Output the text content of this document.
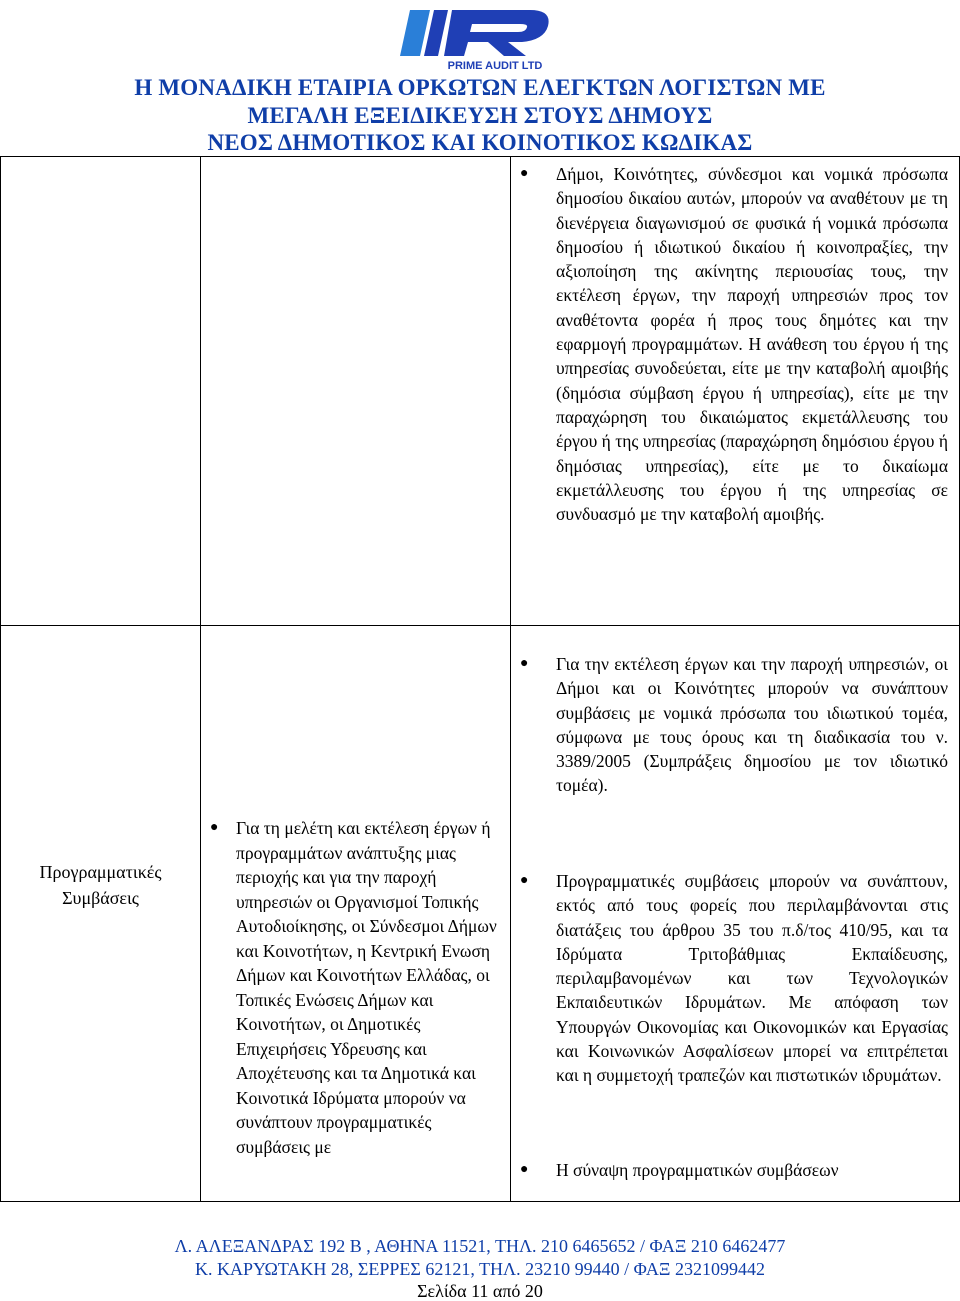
PRIME AUDIT LTD
Η ΜΟΝΑΔΙΚΗ ΕΤΑΙΡΙΑ ΟΡΚΩΤΩΝ ΕΛΕΓΚΤΩΝ ΛΟΓΙΣΤΩΝ ΜΕ
ΜΕΓΑΛΗ ΕΞΕΙΔΙΚΕΥΣΗ ΣΤΟΥΣ ΔΗΜΟΥΣ
ΝΕΟΣ ΔΗΜΟΤΙΚΟΣ ΚΑΙ ΚΟΙΝΟΤΙΚΟΣ ΚΩΔΙΚΑΣ
● Δήμοι, Κοινότητες, σύνδεσμοι και νομικά πρόσωπα δημοσίου δικαίου αυτών, μπορούν να αναθέτουν με τη διενέργεια διαγωνισμού σε φυσικά ή νομικά πρόσωπα δημοσίου ή ιδιωτικού δικαίου ή κοινοπραξίες, την αξιοποίηση της ακίνητης περιουσίας τους, την εκτέλεση έργων, την παροχή υπηρεσιών προς τον αναθέτοντα φορέα ή προς τους δημότες και την εφαρμογή προγραμμάτων. Η ανάθεση του έργου ή της υπηρεσίας συνοδεύεται, είτε με την καταβολή αμοιβής (δημόσια σύμβαση έργου ή υπηρεσίας), είτε με την παραχώρηση του δικαιώματος εκμετάλλευσης του έργου ή της υπηρεσίας (παραχώρηση δημόσιου έργου ή δημόσιας υπηρεσίας), είτε με το δικαίωμα εκμετάλλευσης του έργου ή της υπηρεσίας σε συνδυασμό με την καταβολή αμοιβής.
Προγραμματικές
Συμβάσεις
● Για τη μελέτη και εκτέλεση έργων ή προγραμμάτων ανάπτυξης μιας περιοχής και για την παροχή υπηρεσιών οι Οργανισμοί Τοπικής Αυτοδιοίκησης, οι Σύνδεσμοι Δήμων και Κοινοτήτων, η Κεντρική Ενωση Δήμων και Κοινοτήτων Ελλάδας, οι Τοπικές Ενώσεις Δήμων και Κοινοτήτων, οι Δημοτικές Επιχειρήσεις Υδρευσης και Αποχέτευσης και τα Δημοτικά και Κοινοτικά Ιδρύματα μπορούν να συνάπτουν προγραμματικές συμβάσεις με
● Για την εκτέλεση έργων και την παροχή υπηρεσιών, οι Δήμοι και οι Κοινότητες μπορούν να συνάπτουν συμβάσεις με νομικά πρόσωπα του ιδιωτικού τομέα, σύμφωνα με τους όρους και τη διαδικασία του ν. 3389/2005 (Συμπράξεις δημοσίου με τον ιδιωτικό τομέα).
● Προγραμματικές συμβάσεις μπορούν να συνάπτουν, εκτός από τους φορείς που περιλαμβάνονται στις διατάξεις του άρθρου 35 του π.δ/τος 410/95, και τα Ιδρύματα Τριτοβάθμιας Εκπαίδευσης, περιλαμβανομένων και των Τεχνολογικών Εκπαιδευτικών Ιδρυμάτων. Με απόφαση των Υπουργών Οικονομίας και Οικονομικών και Εργασίας και Κοινωνικών Ασφαλίσεων μπορεί να επιτρέπεται και η συμμετοχή τραπεζών και πιστωτικών ιδρυμάτων.
● Η σύναψη προγραμματικών συμβάσεων
Λ. ΑΛΕΞΑΝΔΡΑΣ 192 Β , ΑΘΗΝΑ 11521, ΤΗΛ. 210 6465652 / ΦΑΞ 210 6462477
Κ. ΚΑΡΥΩΤΑΚΗ 28, ΣΕΡΡΕΣ 62121, ΤΗΛ. 23210 99440 / ΦΑΞ 2321099442
Σελίδα 11 από 20
